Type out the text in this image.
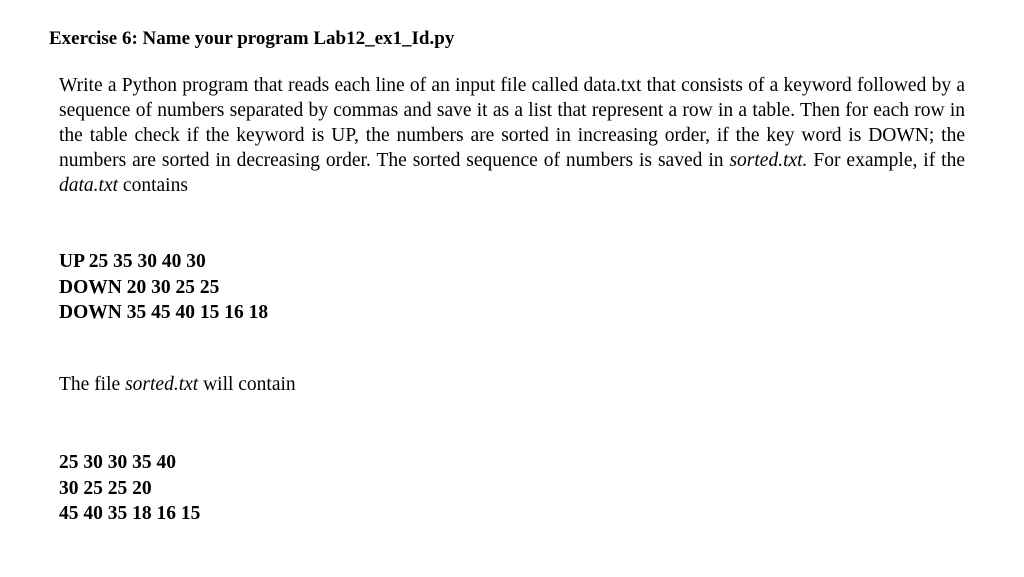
Exercise 6: Name your program Lab12_ex1_Id.py
Write a Python program that reads each line of an input file called data.txt that consists of a keyword followed by a sequence of numbers separated by commas and save it as a list that represent a row in a table. Then for each row in the table check if the keyword is UP, the numbers are sorted in increasing order, if the key word is DOWN; the numbers are sorted in decreasing order. The sorted sequence of numbers is saved in sorted.txt. For example, if the data.txt contains
UP 25 35 30 40 30
DOWN 20 30 25 25
DOWN 35 45 40 15 16 18
The file sorted.txt will contain
25 30 30 35 40
30 25 25 20
45 40 35 18 16 15
